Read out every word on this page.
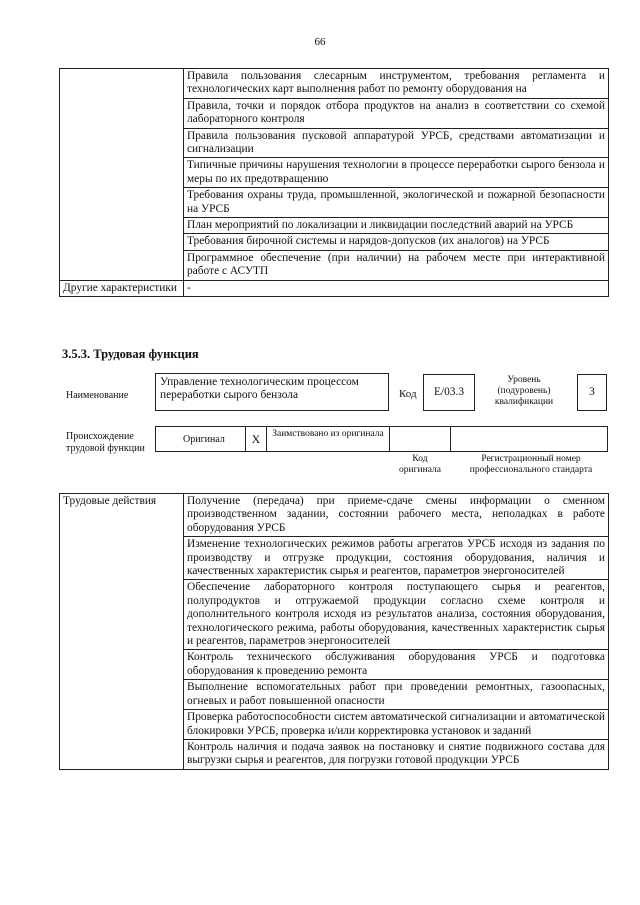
66
	Правила пользования слесарным инструментом, требования регламента и технологических карт выполнения работ по ремонту оборудования на
	Правила, точки и порядок отбора продуктов на анализ в соответствии со схемой лабораторного контроля
	Правила пользования пусковой аппаратурой УРСБ, средствами автоматизации и сигнализации
	Типичные причины нарушения технологии в процессе переработки сырого бензола и меры по их предотвращению
	Требования охраны труда, промышленной, экологической и пожарной безопасности на УРСБ
	План мероприятий по локализации и ликвидации последствий аварий на УРСБ
	Требования бирочной системы и нарядов-допусков (их аналогов) на УРСБ
	Программное обеспечение (при наличии) на рабочем месте при интерактивной работе с АСУТП
Другие характеристики	-
3.5.3. Трудовая функция
Наименование
Управление технологическим процессом переработки сырого бензола	Код	Е/03.3
Уровень (подуровень) квалификации
3
Происхождение трудовой функции
Оригинал	X	Заимствовано из оригинала
Код оригинала
Регистрационный номер профессионального стандарта
Трудовые действия	Получение (передача) при приеме-сдаче смены информации о сменном производственном задании, состоянии рабочего места, неполадках в работе оборудования УРСБ
Изменение технологических режимов работы агрегатов УРСБ исходя из задания по производству и отгрузке продукции, состояния оборудования, наличия и качественных характеристик сырья и реагентов, параметров энергоносителей
Обеспечение лабораторного контроля поступающего сырья и реагентов, полупродуктов и отгружаемой продукции согласно схеме контроля и дополнительного контроля исходя из результатов анализа, состояния оборудования, технологического режима, работы оборудования, качественных характеристик сырья и реагентов, параметров энергоносителей
Контроль технического обслуживания оборудования УРСБ и подготовка оборудования к проведению ремонта
Выполнение вспомогательных работ при проведении ремонтных, газоопасных, огневых и работ повышенной опасности
Проверка работоспособности систем автоматической сигнализации и автоматической блокировки УРСБ, проверка и/или корректировка установок и заданий
Контроль наличия и подача заявок на постановку и снятие подвижного состава для выгрузки сырья и реагентов, для погрузки готовой продукции УРСБ
